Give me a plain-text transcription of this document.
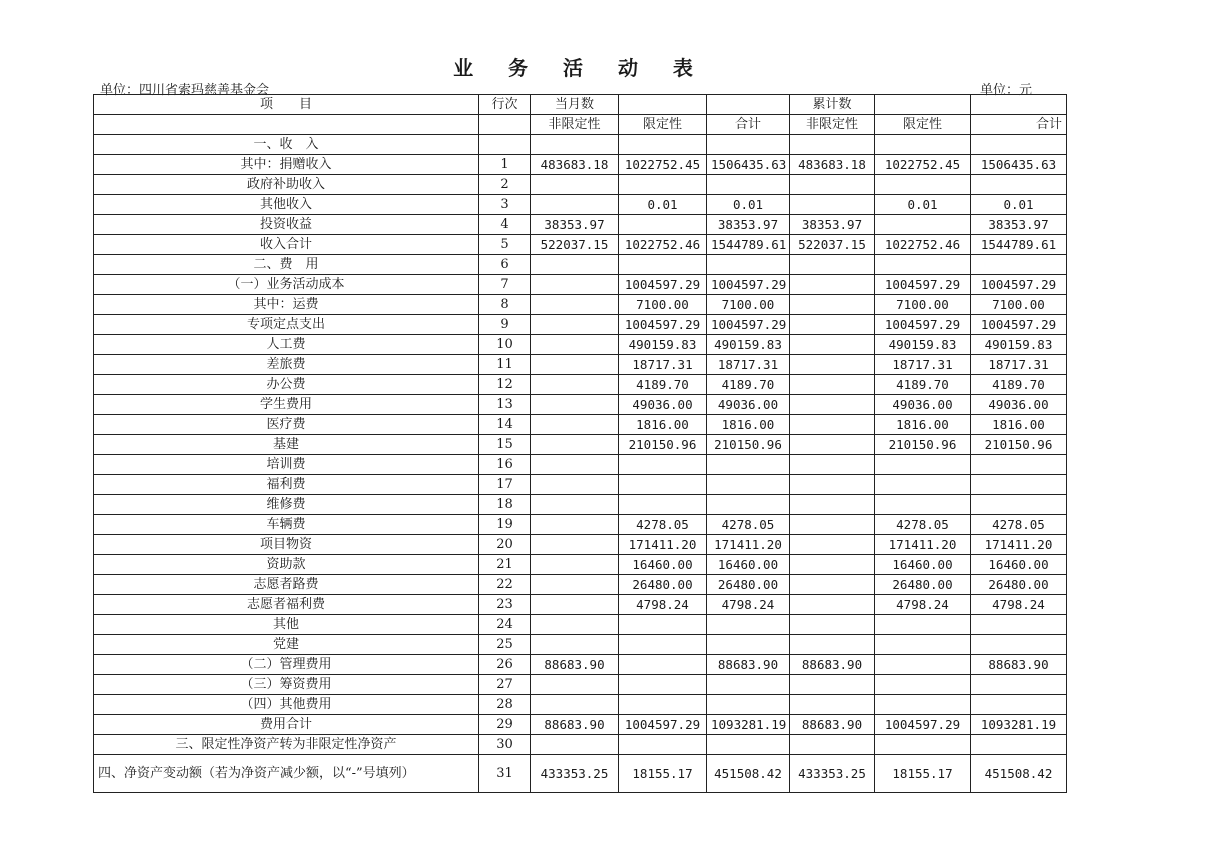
业 务 活 动 表
单位：四川省索玛慈善基金会	单位：元
项　　目	行次	当月数			累计数		
		非限定性	限定性	合计	非限定性	限定性	合计
一、收　入							
其中：捐赠收入	1	483683.18	1022752.45	1506435.63	483683.18	1022752.45	1506435.63
政府补助收入	2						
其他收入	3		0.01	0.01		0.01	0.01
投资收益	4	38353.97		38353.97	38353.97		38353.97
收入合计	5	522037.15	1022752.46	1544789.61	522037.15	1022752.46	1544789.61
二、费　用	6						
（一）业务活动成本	7		1004597.29	1004597.29		1004597.29	1004597.29
其中：运费	8		7100.00	7100.00		7100.00	7100.00
专项定点支出	9		1004597.29	1004597.29		1004597.29	1004597.29
人工费	10		490159.83	490159.83		490159.83	490159.83
差旅费	11		18717.31	18717.31		18717.31	18717.31
办公费	12		4189.70	4189.70		4189.70	4189.70
学生费用	13		49036.00	49036.00		49036.00	49036.00
医疗费	14		1816.00	1816.00		1816.00	1816.00
基建	15		210150.96	210150.96		210150.96	210150.96
培训费	16						
福利费	17						
维修费	18						
车辆费	19		4278.05	4278.05		4278.05	4278.05
项目物资	20		171411.20	171411.20		171411.20	171411.20
资助款	21		16460.00	16460.00		16460.00	16460.00
志愿者路费	22		26480.00	26480.00		26480.00	26480.00
志愿者福利费	23		4798.24	4798.24		4798.24	4798.24
其他	24						
党建	25						
（二）管理费用	26	88683.90		88683.90	88683.90		88683.90
（三）筹资费用	27						
（四）其他费用	28						
费用合计	29	88683.90	1004597.29	1093281.19	88683.90	1004597.29	1093281.19
三、限定性净资产转为非限定性净资产	30						
四、净资产变动额（若为净资产减少额，以“-”号填列）	31	433353.25	18155.17	451508.42	433353.25	18155.17	451508.42
